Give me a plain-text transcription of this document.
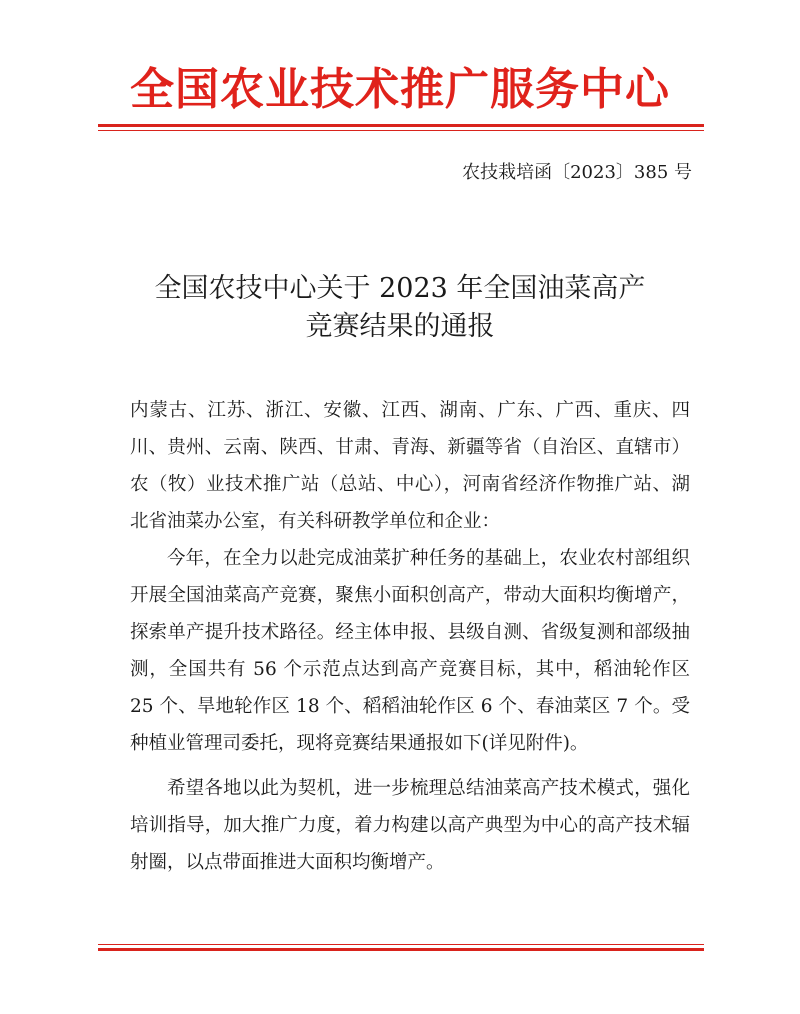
全国农业技术推广服务中心
农技栽培函〔2023〕385 号
全国农技中心关于 2023 年全国油菜高产
竞赛结果的通报

内蒙古、江苏、浙江、安徽、江西、湖南、广东、广西、重庆、四川、贵州、云南、陕西、甘肃、青海、新疆等省（自治区、直辖市）农（牧）业技术推广站（总站、中心），河南省经济作物推广站、湖北省油菜办公室，有关科研教学单位和企业：

今年，在全力以赴完成油菜扩种任务的基础上，农业农村部组织开展全国油菜高产竞赛，聚焦小面积创高产，带动大面积均衡增产，探索单产提升技术路径。经主体申报、县级自测、省级复测和部级抽测，全国共有 56 个示范点达到高产竞赛目标，其中，稻油轮作区 25 个、旱地轮作区 18 个、稻稻油轮作区 6 个、春油菜区 7 个。受种植业管理司委托，现将竞赛结果通报如下(详见附件)。

希望各地以此为契机，进一步梳理总结油菜高产技术模式，强化培训指导，加大推广力度，着力构建以高产典型为中心的高产技术辐射圈，以点带面推进大面积均衡增产。
